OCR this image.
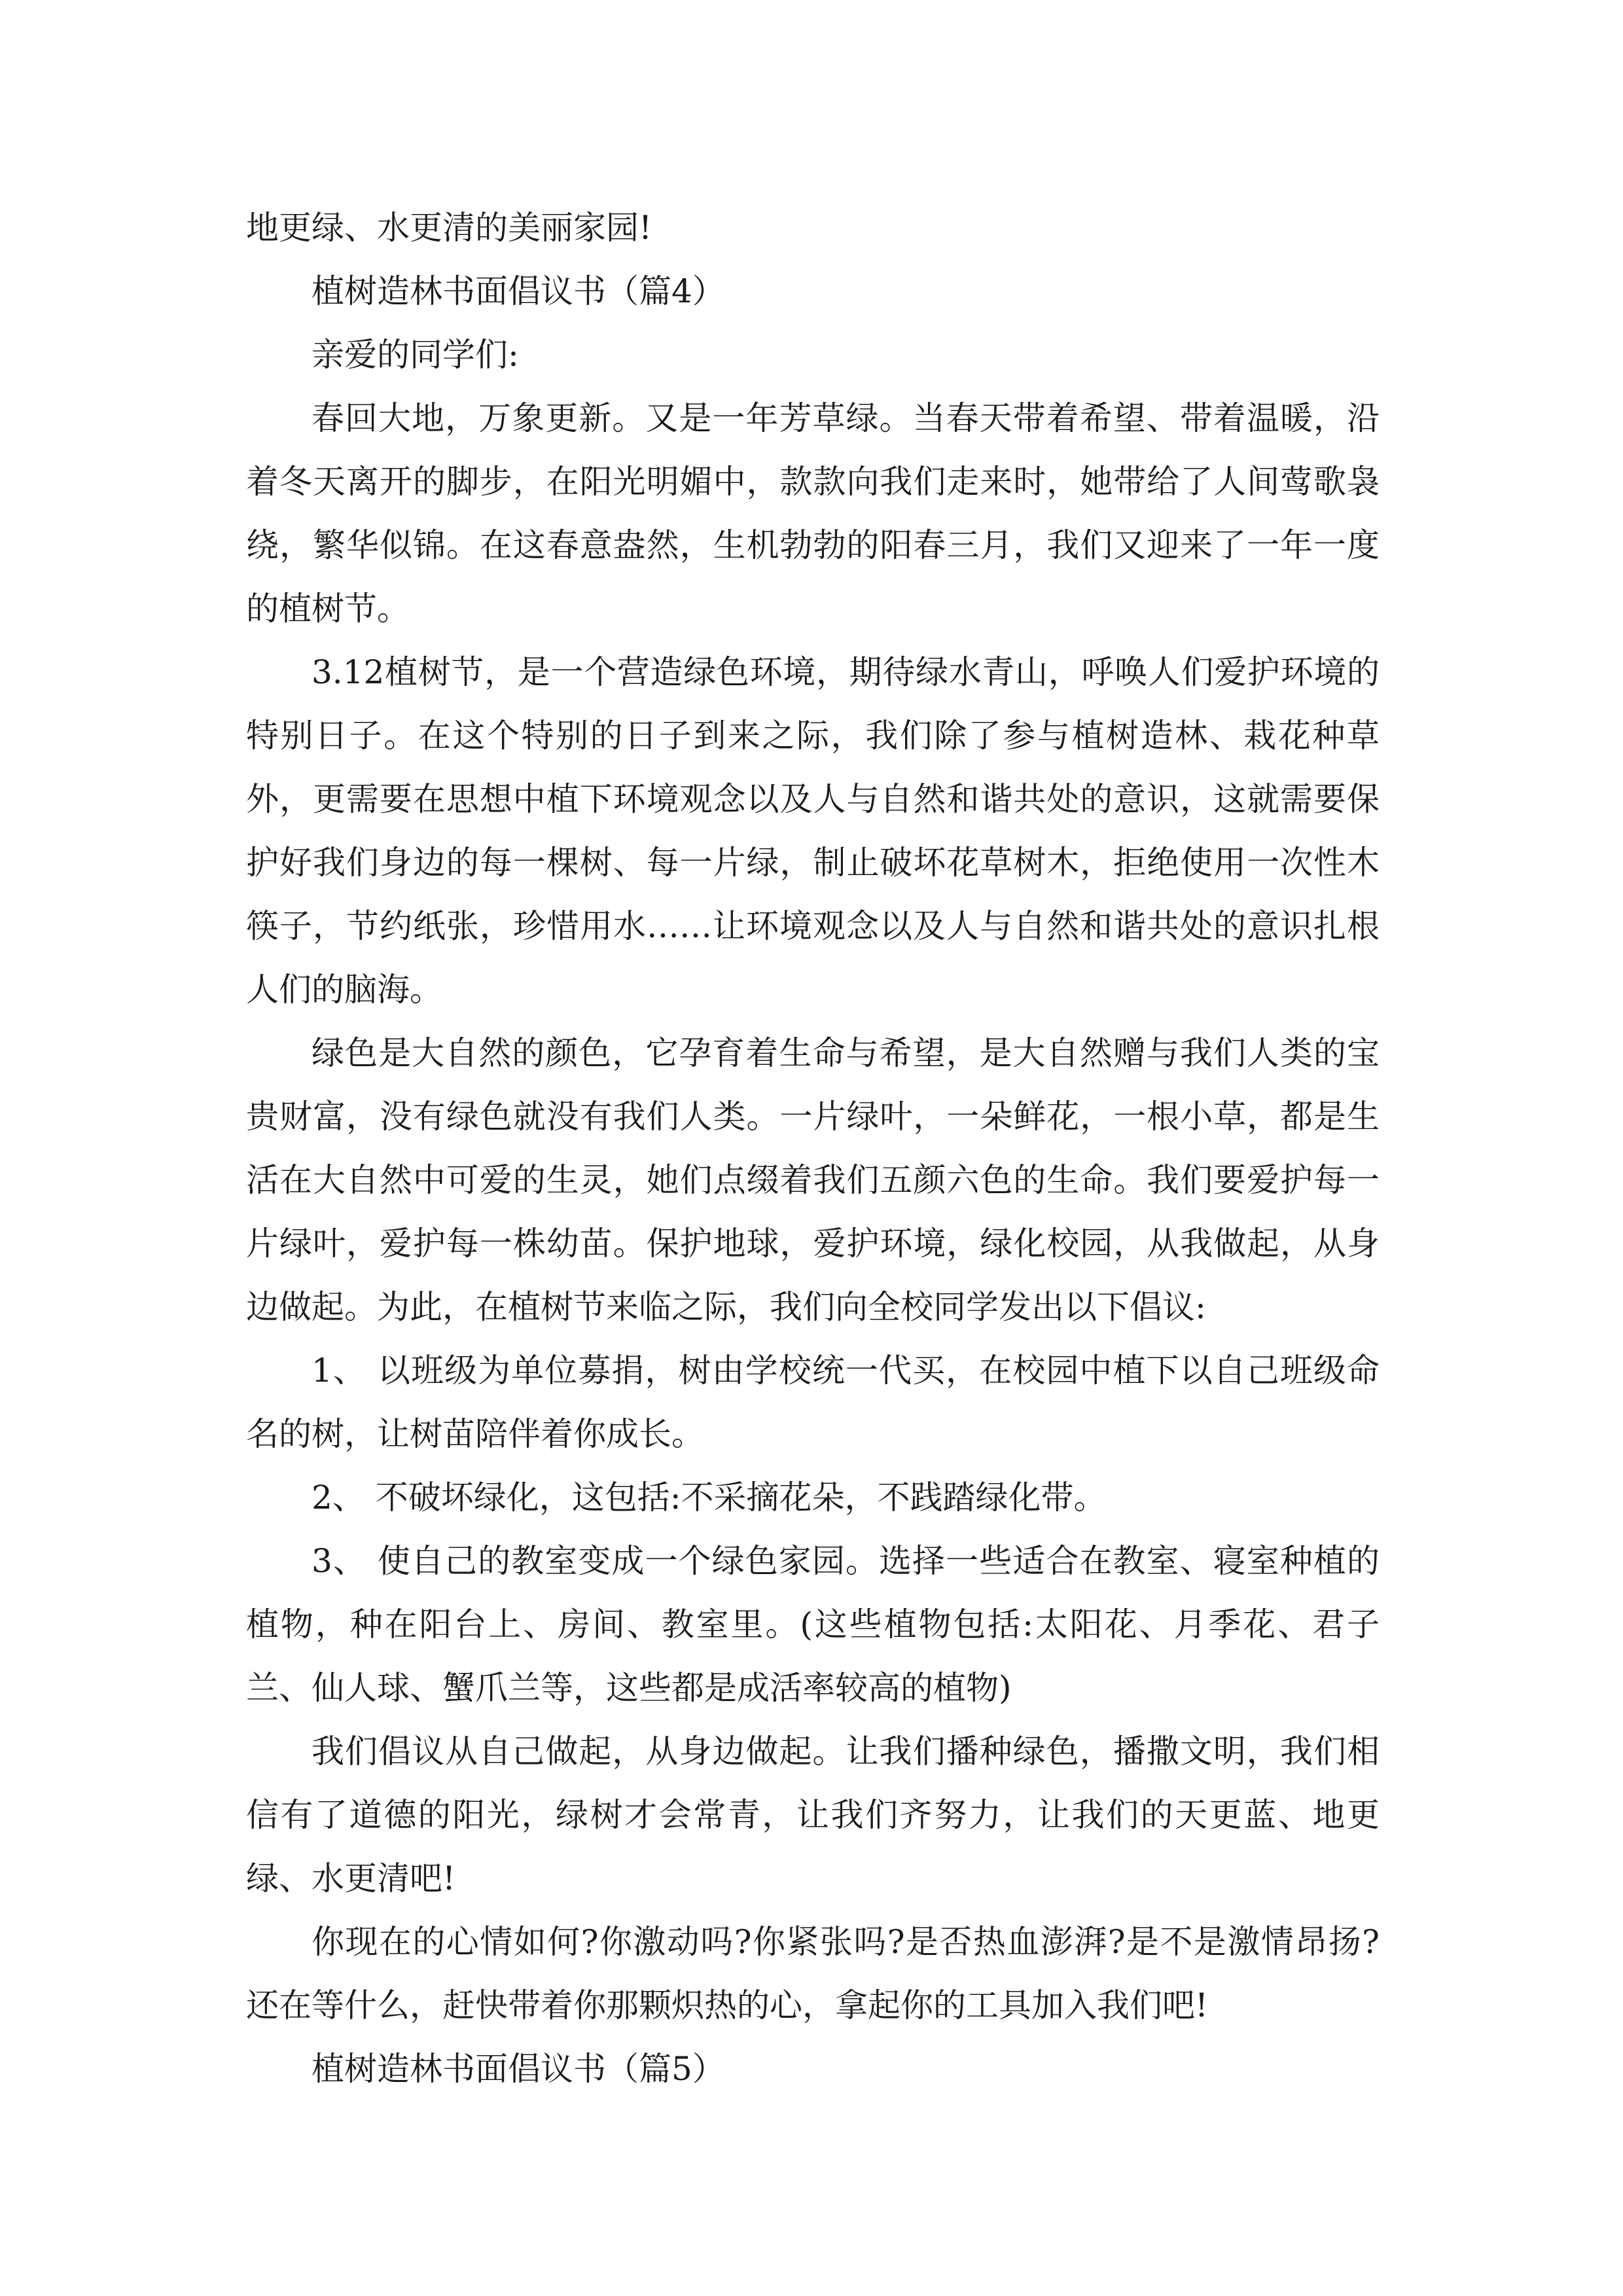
地更绿、水更清的美丽家园!

植树造林书面倡议书（篇4）

亲爱的同学们:

春回大地，万象更新。又是一年芳草绿。当春天带着希望、带着温暖，沿着冬天离开的脚步，在阳光明媚中，款款向我们走来时，她带给了人间莺歌袅绕，繁华似锦。在这春意盎然，生机勃勃的阳春三月，我们又迎来了一年一度的植树节。

3.12植树节，是一个营造绿色环境，期待绿水青山，呼唤人们爱护环境的特别日子。在这个特别的日子到来之际，我们除了参与植树造林、栽花种草外，更需要在思想中植下环境观念以及人与自然和谐共处的意识，这就需要保护好我们身边的每一棵树、每一片绿，制止破坏花草树木，拒绝使用一次性木筷子，节约纸张，珍惜用水……让环境观念以及人与自然和谐共处的意识扎根人们的脑海。

绿色是大自然的颜色，它孕育着生命与希望，是大自然赠与我们人类的宝贵财富，没有绿色就没有我们人类。一片绿叶，一朵鲜花，一根小草，都是生活在大自然中可爱的生灵，她们点缀着我们五颜六色的生命。我们要爱护每一片绿叶，爱护每一株幼苗。保护地球，爱护环境，绿化校园，从我做起，从身边做起。为此，在植树节来临之际，我们向全校同学发出以下倡议:

1、 以班级为单位募捐，树由学校统一代买，在校园中植下以自己班级命名的树，让树苗陪伴着你成长。

2、 不破坏绿化，这包括:不采摘花朵，不践踏绿化带。

3、 使自己的教室变成一个绿色家园。选择一些适合在教室、寝室种植的植物，种在阳台上、房间、教室里。(这些植物包括:太阳花、月季花、君子兰、仙人球、蟹爪兰等，这些都是成活率较高的植物)

我们倡议从自己做起，从身边做起。让我们播种绿色，播撒文明，我们相信有了道德的阳光，绿树才会常青，让我们齐努力，让我们的天更蓝、地更绿、水更清吧!

你现在的心情如何?你激动吗?你紧张吗?是否热血澎湃?是不是激情昂扬?还在等什么，赶快带着你那颗炽热的心，拿起你的工具加入我们吧!

植树造林书面倡议书（篇5）
